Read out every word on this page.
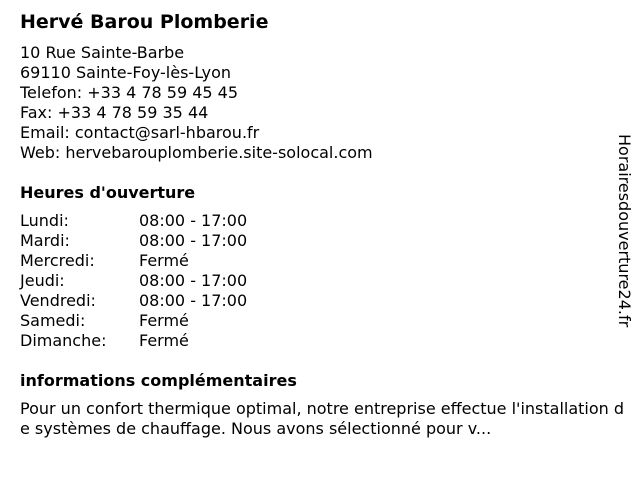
Hervé Barou Plomberie
10 Rue Sainte-Barbe
69110 Sainte-Foy-lès-Lyon
Telefon: +33 4 78 59 45 45
Fax: +33 4 78 59 35 44
Email: contact@sarl-hbarou.fr
Web: hervebarouplomberie.site-solocal.com
Heures d'ouverture
Lundi:	08:00 - 17:00
Mardi:	08:00 - 17:00
Mercredi:	Fermé
Jeudi:	08:00 - 17:00
Vendredi:	08:00 - 17:00
Samedi:	Fermé
Dimanche:	Fermé
informations complémentaires
Pour un confort thermique optimal, notre entreprise effectue l'installation de systèmes de chauffage. Nous avons sélectionné pour v...
Horairesdouverture24.fr
